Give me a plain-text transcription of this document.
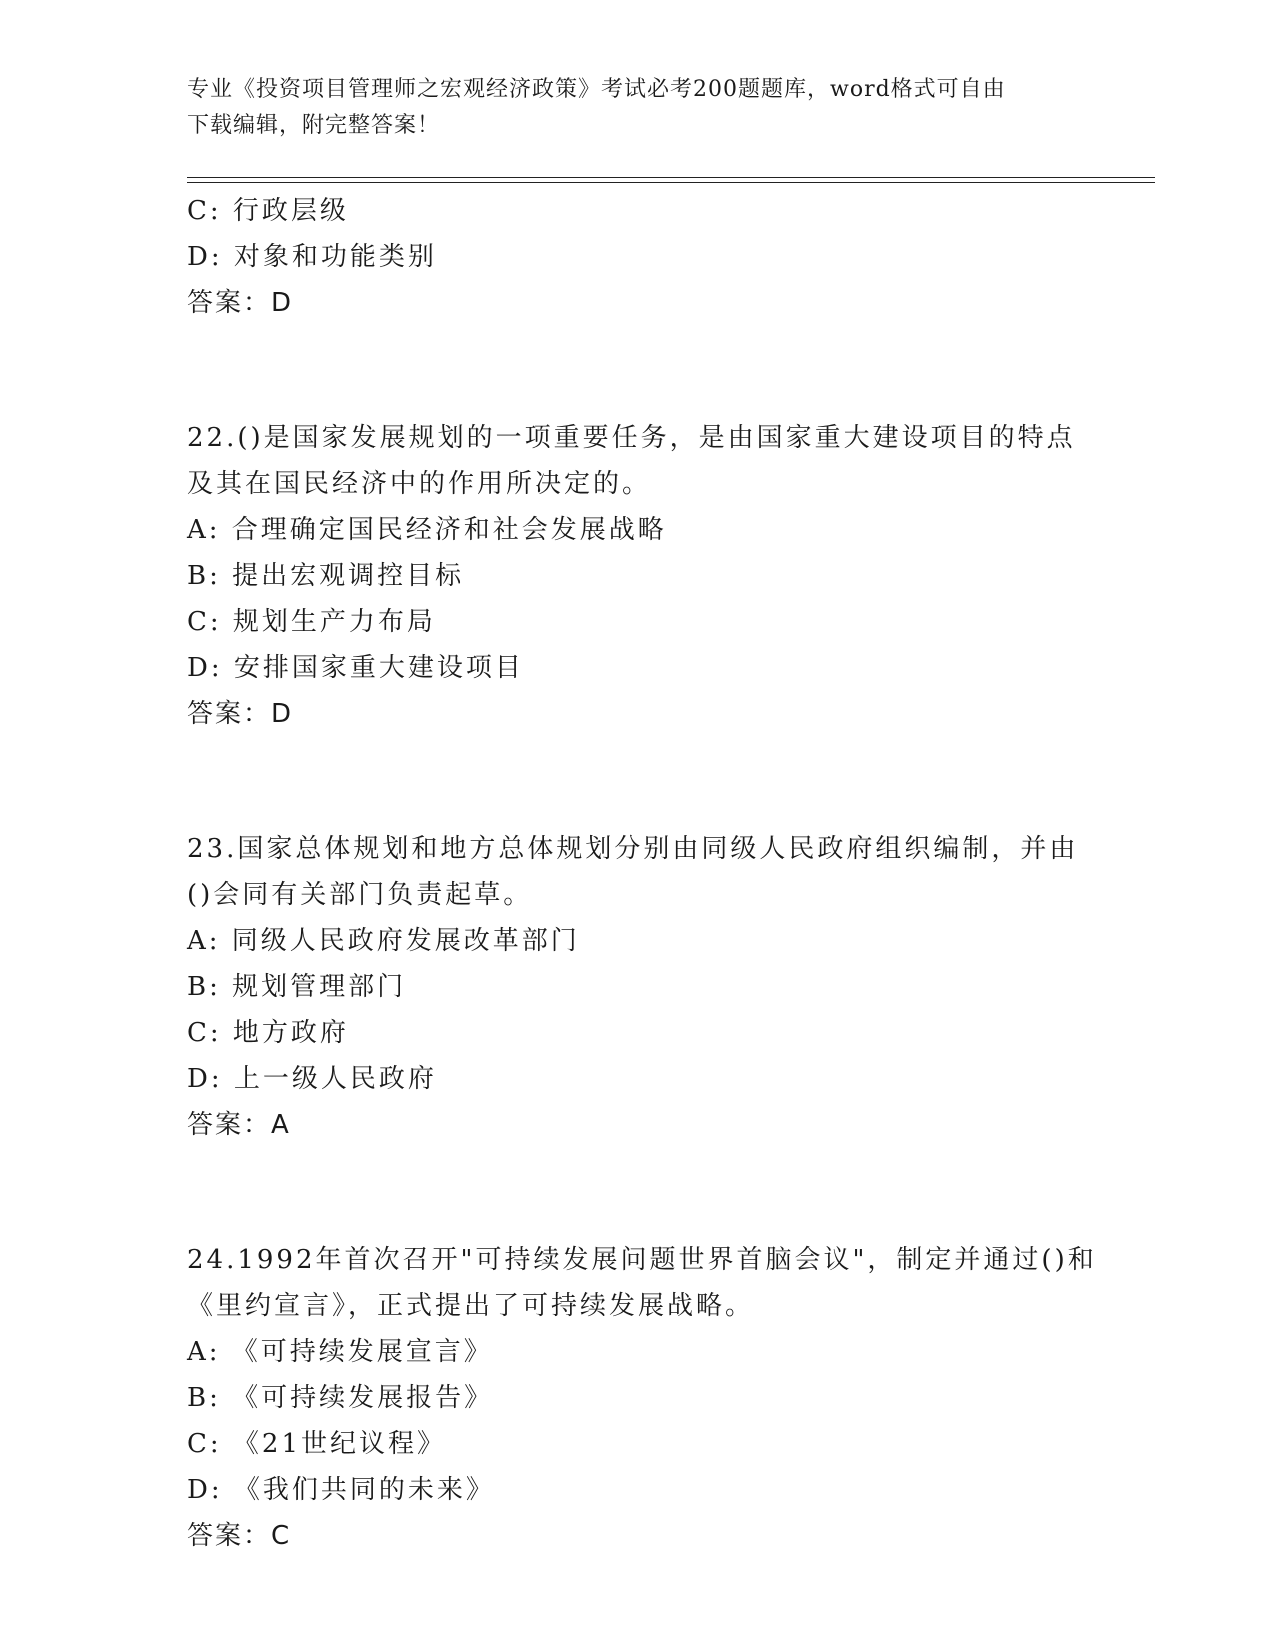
专业《投资项目管理师之宏观经济政策》考试必考200题题库，word格式可自由
下载编辑，附完整答案！
C: 行政层级
D: 对象和功能类别
答案：D
22.()是国家发展规划的一项重要任务，是由国家重大建设项目的特点
及其在国民经济中的作用所决定的。
A: 合理确定国民经济和社会发展战略
B: 提出宏观调控目标
C: 规划生产力布局
D: 安排国家重大建设项目
答案：D
23.国家总体规划和地方总体规划分别由同级人民政府组织编制，并由
()会同有关部门负责起草。
A: 同级人民政府发展改革部门
B: 规划管理部门
C: 地方政府
D: 上一级人民政府
答案：A
24.1992年首次召开"可持续发展问题世界首脑会议"，制定并通过()和
《里约宣言》，正式提出了可持续发展战略。
A: 《可持续发展宣言》
B: 《可持续发展报告》
C: 《21世纪议程》
D: 《我们共同的未来》
答案：C
